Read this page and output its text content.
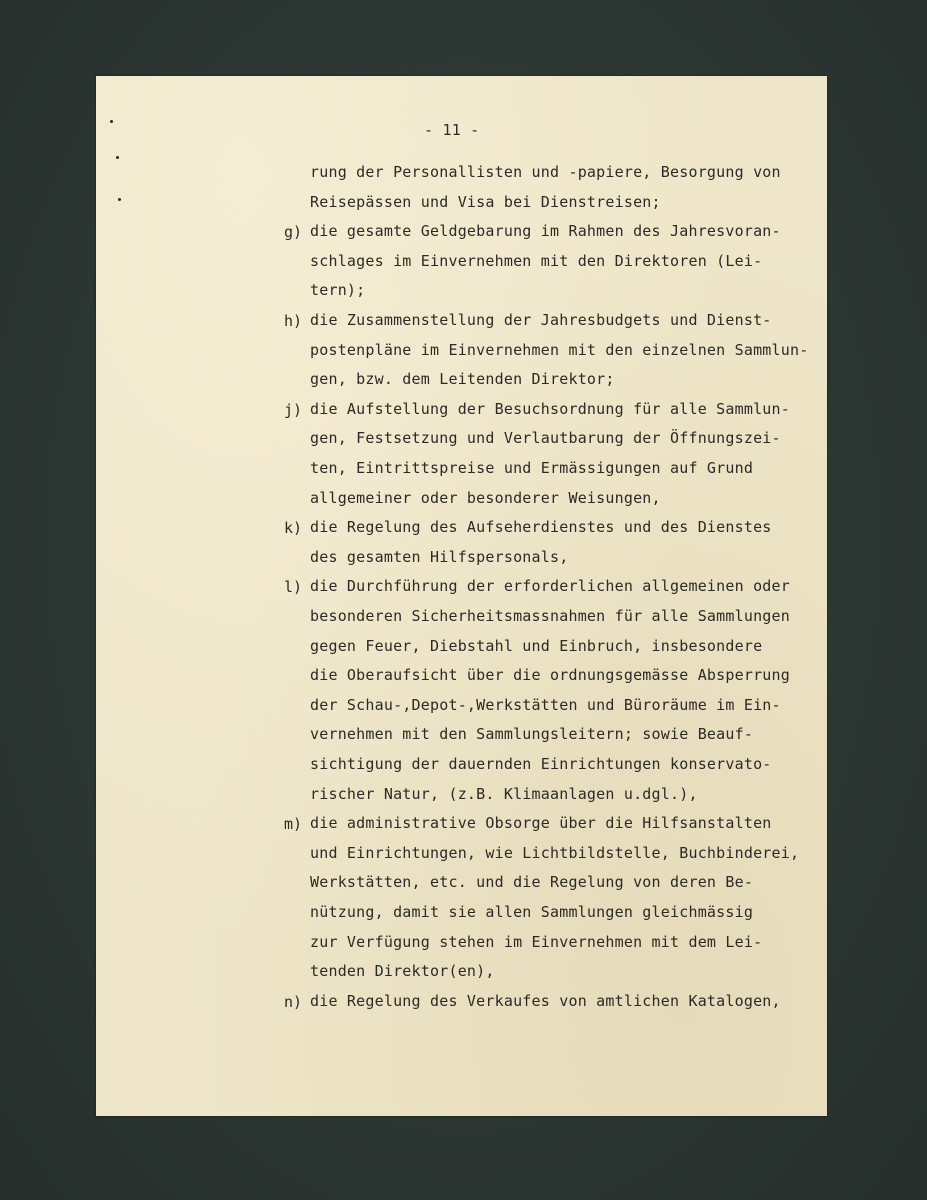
- 11 -
rung der Personallisten und -papiere, Besorgung von
Reisepässen und Visa bei Dienstreisen;
g) die gesamte Geldgebarung im Rahmen des Jahresvoran-
schlages im Einvernehmen mit den Direktoren (Lei-
tern);
h) die Zusammenstellung der Jahresbudgets und Dienst-
postenpläne im Einvernehmen mit den einzelnen Sammlun-
gen, bzw. dem Leitenden Direktor;
j) die Aufstellung der Besuchsordnung für alle Sammlun-
gen, Festsetzung und Verlautbarung der Öffnungszei-
ten, Eintrittspreise und Ermässigungen auf Grund
allgemeiner oder besonderer Weisungen,
k) die Regelung des Aufseherdienstes und des Dienstes
des gesamten Hilfspersonals,
l) die Durchführung der erforderlichen allgemeinen oder
besonderen Sicherheitsmassnahmen für alle Sammlungen
gegen Feuer, Diebstahl und Einbruch, insbesondere
die Oberaufsicht über die ordnungsgemässe Absperrung
der Schau-,Depot-,Werkstätten und Büroräume im Ein-
vernehmen mit den Sammlungsleitern; sowie Beauf-
sichtigung der dauernden Einrichtungen konservato-
rischer Natur, (z.B. Klimaanlagen u.dgl.),
m) die administrative Obsorge über die Hilfsanstalten
und Einrichtungen, wie Lichtbildstelle, Buchbinderei,
Werkstätten, etc. und die Regelung von deren Be-
nützung, damit sie allen Sammlungen gleichmässig
zur Verfügung stehen im Einvernehmen mit dem Lei-
tenden Direktor(en),
n) die Regelung des Verkaufes von amtlichen Katalogen,
